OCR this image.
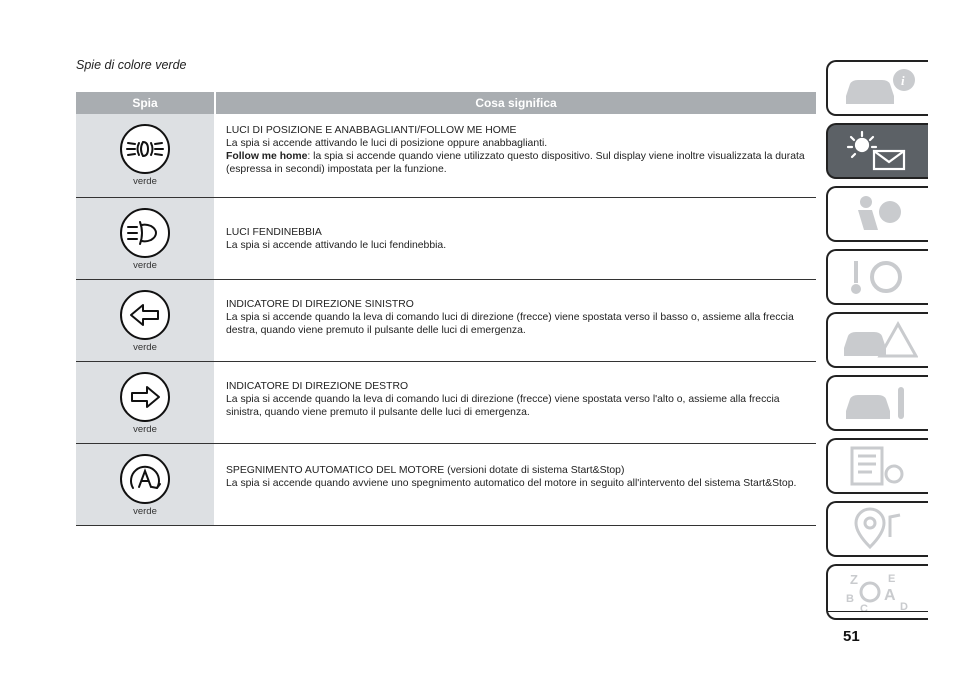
Spie di colore verde
Spia	Cosa significa
verde

LUCI DI POSIZIONE E ANABBAGLIANTI/FOLLOW ME HOME

La spia si accende attivando le luci di posizione oppure anabbaglianti.

Follow me home: la spia si accende quando viene utilizzato questo dispositivo. Sul display viene inoltre visualizzata la durata (espressa in secondi) impostata per la funzione.

verde

LUCI FENDINEBBIA

La spia si accende attivando le luci fendinebbia.

verde

INDICATORE DI DIREZIONE SINISTRO

La spia si accende quando la leva di comando luci di direzione (frecce) viene spostata verso il basso o, assieme alla freccia destra, quando viene premuto il pulsante delle luci di emergenza.

verde

INDICATORE DI DIREZIONE DESTRO

La spia si accende quando la leva di comando luci di direzione (frecce) viene spostata verso l'alto o, assieme alla freccia sinistra, quando viene premuto il pulsante delle luci di emergenza.

verde

SPEGNIMENTO AUTOMATICO DEL MOTORE (versioni dotate di sistema Start&Stop)

La spia si accende quando avviene uno spegnimento automatico del motore in seguito all'intervento del sistema Start&Stop.

i
Z	E
B A
D
C
51
